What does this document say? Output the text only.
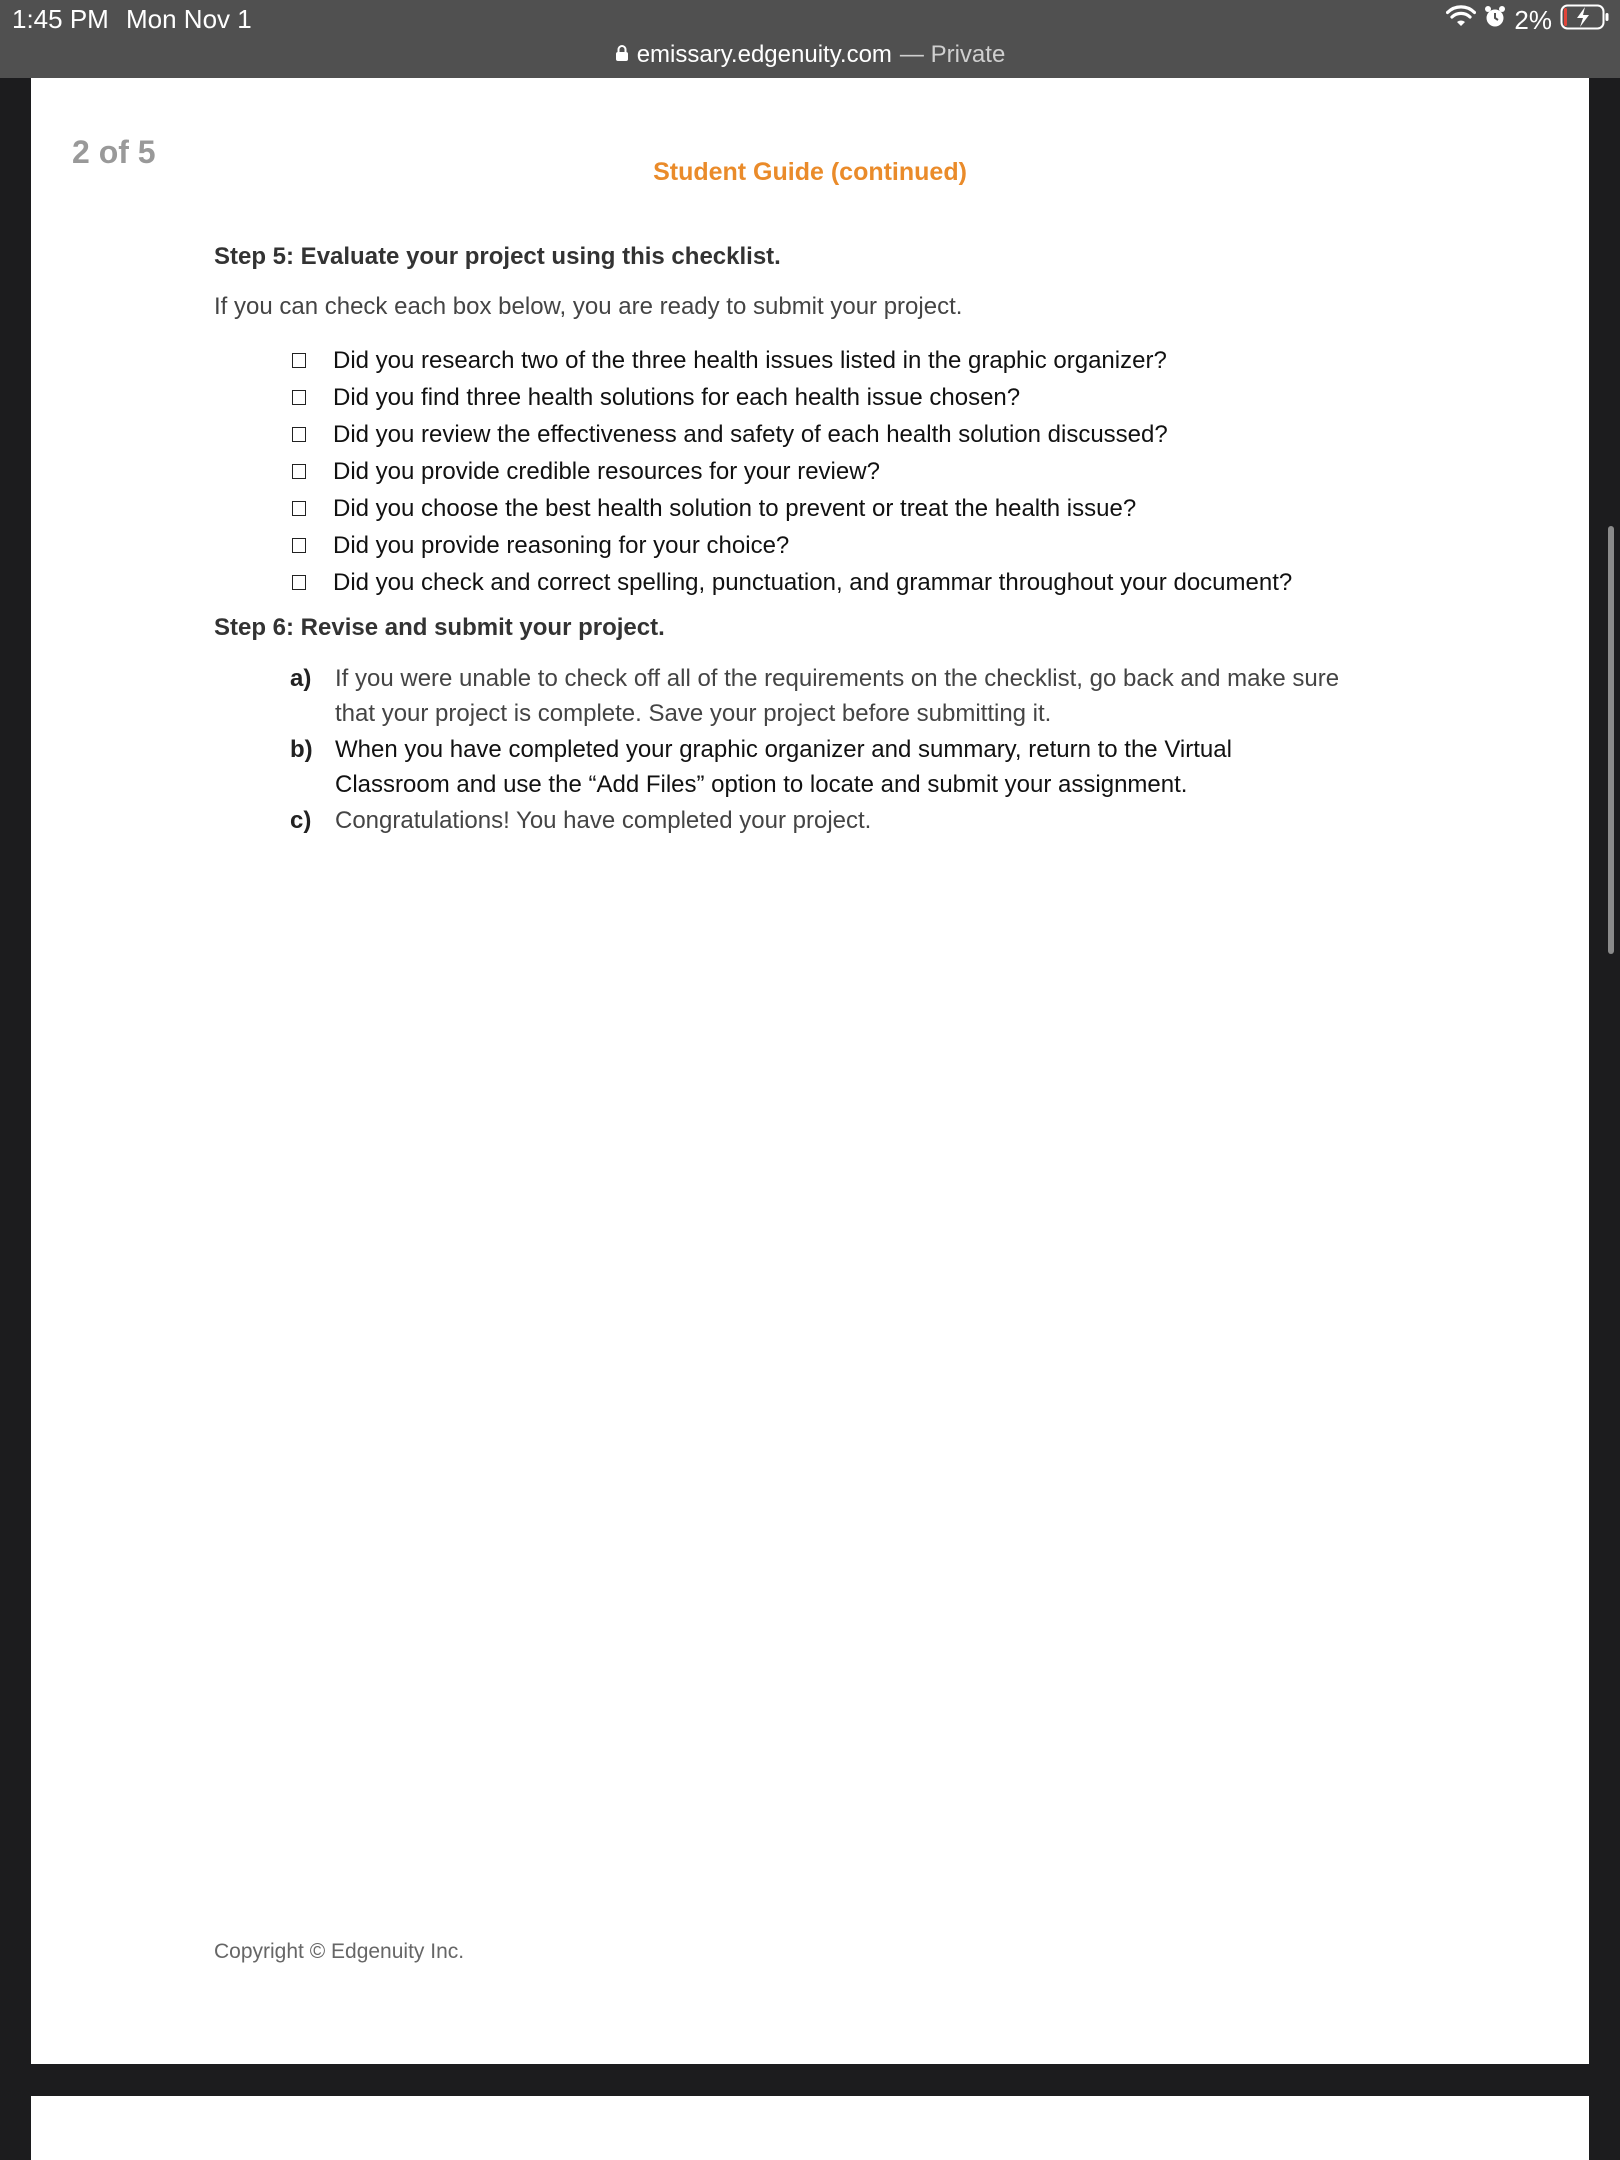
1:45 PM Mon Nov 1	2%
emissary.edgenuity.com — Private
2 of 5
Student Guide (continued)

Step 5: Evaluate your project using this checklist.

If you can check each box below, you are ready to submit your project.

Did you research two of the three health issues listed in the graphic organizer?
Did you find three health solutions for each health issue chosen?
Did you review the effectiveness and safety of each health solution discussed?
Did you provide credible resources for your review?
Did you choose the best health solution to prevent or treat the health issue?
Did you provide reasoning for your choice?
Did you check and correct spelling, punctuation, and grammar throughout your document?

Step 6: Revise and submit your project.

a) If you were unable to check off all of the requirements on the checklist, go back and make sure that your project is complete. Save your project before submitting it.
b) When you have completed your graphic organizer and summary, return to the Virtual Classroom and use the “Add Files” option to locate and submit your assignment.
c) Congratulations! You have completed your project.
Copyright © Edgenuity Inc.
